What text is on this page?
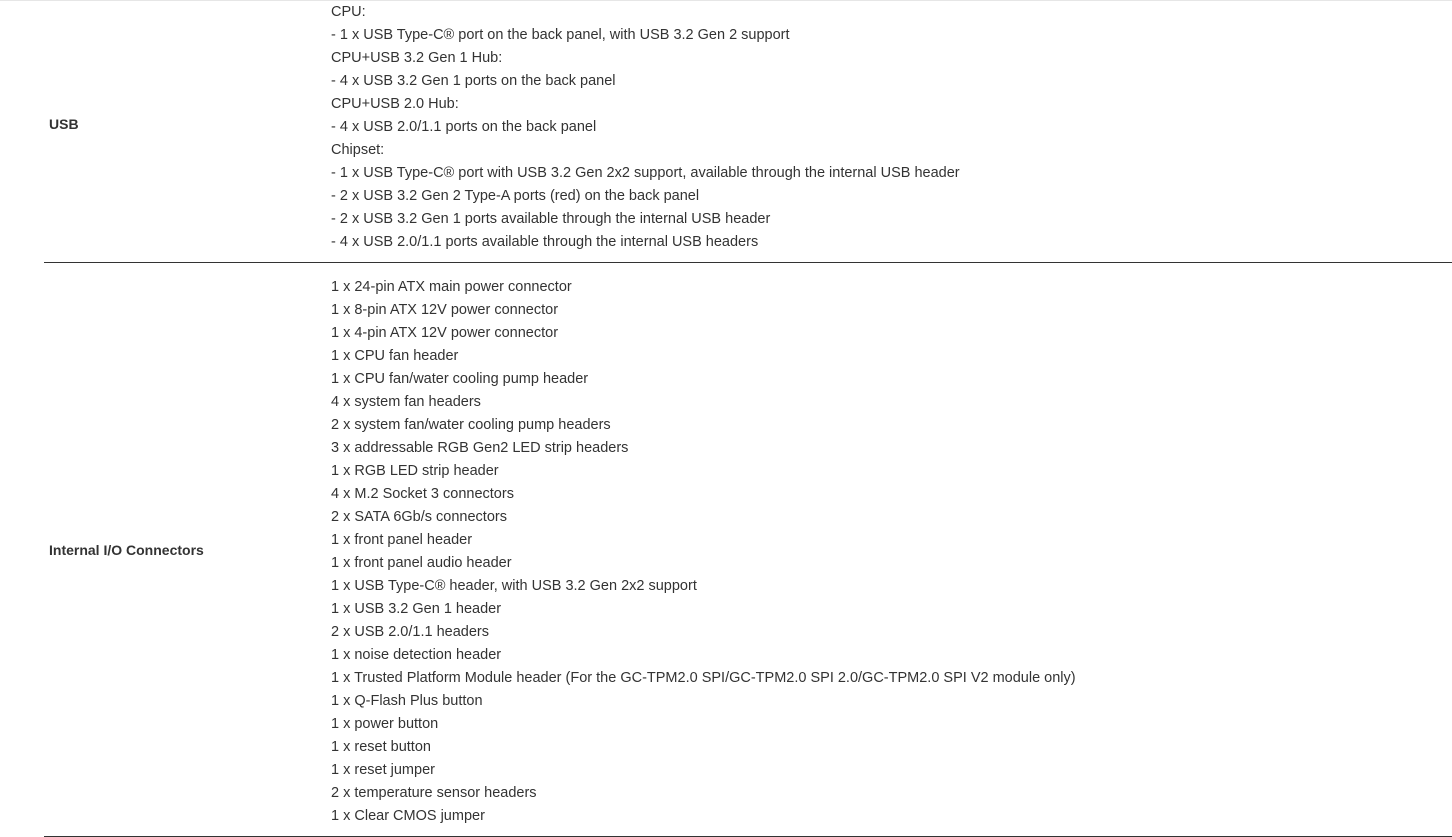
USB
CPU:
- 1 x USB Type-C® port on the back panel, with USB 3.2 Gen 2 support
CPU+USB 3.2 Gen 1 Hub:
- 4 x USB 3.2 Gen 1 ports on the back panel
CPU+USB 2.0 Hub:
- 4 x USB 2.0/1.1 ports on the back panel
Chipset:
- 1 x USB Type-C® port with USB 3.2 Gen 2x2 support, available through the internal USB header
- 2 x USB 3.2 Gen 2 Type-A ports (red) on the back panel
- 2 x USB 3.2 Gen 1 ports available through the internal USB header
- 4 x USB 2.0/1.1 ports available through the internal USB headers
Internal I/O Connectors
1 x 24-pin ATX main power connector
1 x 8-pin ATX 12V power connector
1 x 4-pin ATX 12V power connector
1 x CPU fan header
1 x CPU fan/water cooling pump header
4 x system fan headers
2 x system fan/water cooling pump headers
3 x addressable RGB Gen2 LED strip headers
1 x RGB LED strip header
4 x M.2 Socket 3 connectors
2 x SATA 6Gb/s connectors
1 x front panel header
1 x front panel audio header
1 x USB Type-C® header, with USB 3.2 Gen 2x2 support
1 x USB 3.2 Gen 1 header
2 x USB 2.0/1.1 headers
1 x noise detection header
1 x Trusted Platform Module header (For the GC-TPM2.0 SPI/GC-TPM2.0 SPI 2.0/GC-TPM2.0 SPI V2 module only)
1 x Q-Flash Plus button
1 x power button
1 x reset button
1 x reset jumper
2 x temperature sensor headers
1 x Clear CMOS jumper
